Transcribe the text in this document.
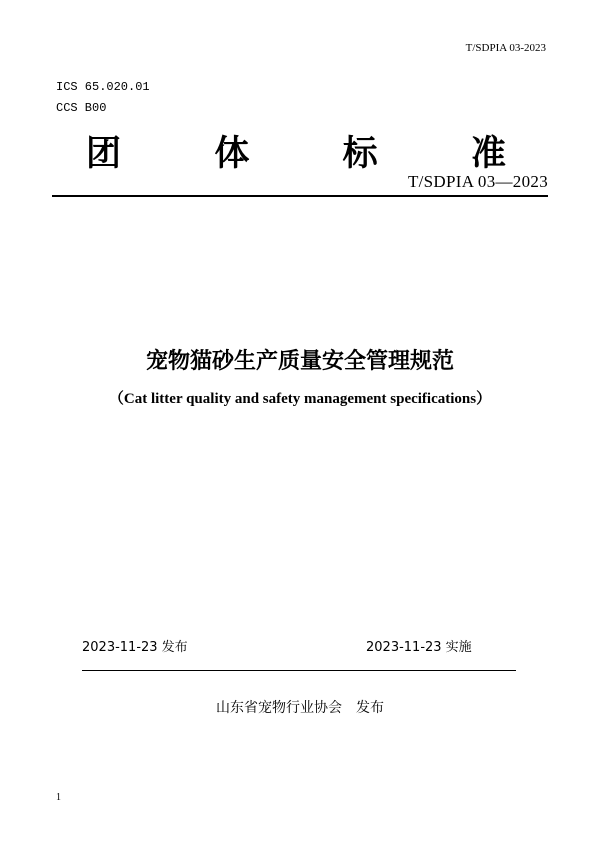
T/SDPIA 03-2023
ICS 65.020.01
CCS B00
团	体	标	准
T/SDPIA 03—2023
宠物猫砂生产质量安全管理规范
（Cat litter quality and safety management specifications）
2023-11-23 发布	2023-11-23 实施
山东省宠物行业协会　发布
1
